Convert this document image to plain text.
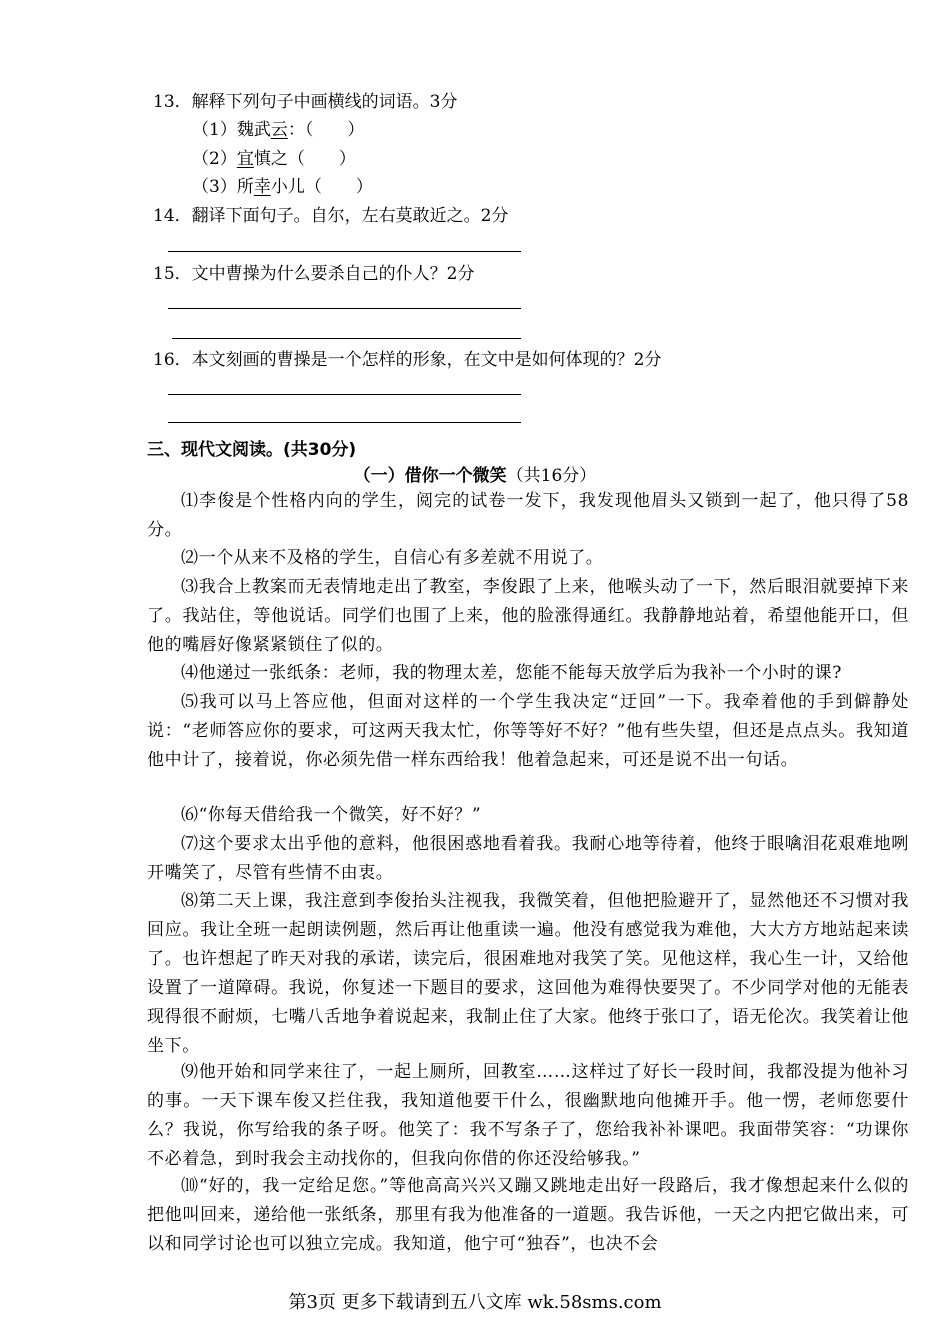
13．解释下列句子中画横线的词语。3分
（1）魏武云：（　　）
（2）宜慎之（　　）
（3）所幸小儿（　　）
14．翻译下面句子。自尔，左右莫敢近之。2分
15．文中曹操为什么要杀自己的仆人？2分
16．本文刻画的曹操是一个怎样的形象，在文中是如何体现的？2分
三、现代文阅读。(共30分)
（一）借你一个微笑（共16分）
⑴李俊是个性格内向的学生，阅完的试卷一发下，我发现他眉头又锁到一起了，他只得了58分。
⑵一个从来不及格的学生，自信心有多差就不用说了。
⑶我合上教案而无表情地走出了教室，李俊跟了上来，他喉头动了一下，然后眼泪就要掉下来了。我站住，等他说话。同学们也围了上来，他的脸涨得通红。我静静地站着，希望他能开口，但他的嘴唇好像紧紧锁住了似的。
⑷他递过一张纸条：老师，我的物理太差，您能不能每天放学后为我补一个小时的课?
⑸我可以马上答应他，但面对这样的一个学生我决定“迂回”一下。我牵着他的手到僻静处说：“老师答应你的要求，可这两天我太忙，你等等好不好？”他有些失望，但还是点点头。我知道他中计了，接着说，你必须先借一样东西给我！他着急起来，可还是说不出一句话。
⑹“你每天借给我一个微笑，好不好？”
⑺这个要求太出乎他的意料，他很困惑地看着我。我耐心地等待着，他终于眼噙泪花艰难地咧开嘴笑了，尽管有些情不由衷。
⑻第二天上课，我注意到李俊抬头注视我，我微笑着，但他把脸避开了，显然他还不习惯对我回应。我让全班一起朗读例题，然后再让他重读一遍。他没有感觉我为难他，大大方方地站起来读了。也许想起了昨天对我的承诺，读完后，很困难地对我笑了笑。见他这样，我心生一计，又给他设置了一道障碍。我说，你复述一下题目的要求，这回他为难得快要哭了。不少同学对他的无能表现得很不耐烦，七嘴八舌地争着说起来，我制止住了大家。他终于张口了，语无伦次。我笑着让他坐下。
⑼他开始和同学来往了，一起上厕所，回教室……这样过了好长一段时间，我都没提为他补习的事。一天下课车俊又拦住我，我知道他要干什么，很幽默地向他摊开手。他一愣，老师您要什么？我说，你写给我的条子呀。他笑了：我不写条子了，您给我补补课吧。我面带笑容：“功课你不必着急，到时我会主动找你的，但我向你借的你还没给够我。”
⑽“好的，我一定给足您。”等他高高兴兴又蹦又跳地走出好一段路后，我才像想起来什么似的把他叫回来，递给他一张纸条，那里有我为他准备的一道题。我告诉他，一天之内把它做出来，可以和同学讨论也可以独立完成。我知道，他宁可“独吞”，也决不会
第3页 更多下载请到五八文库 wk.58sms.com
